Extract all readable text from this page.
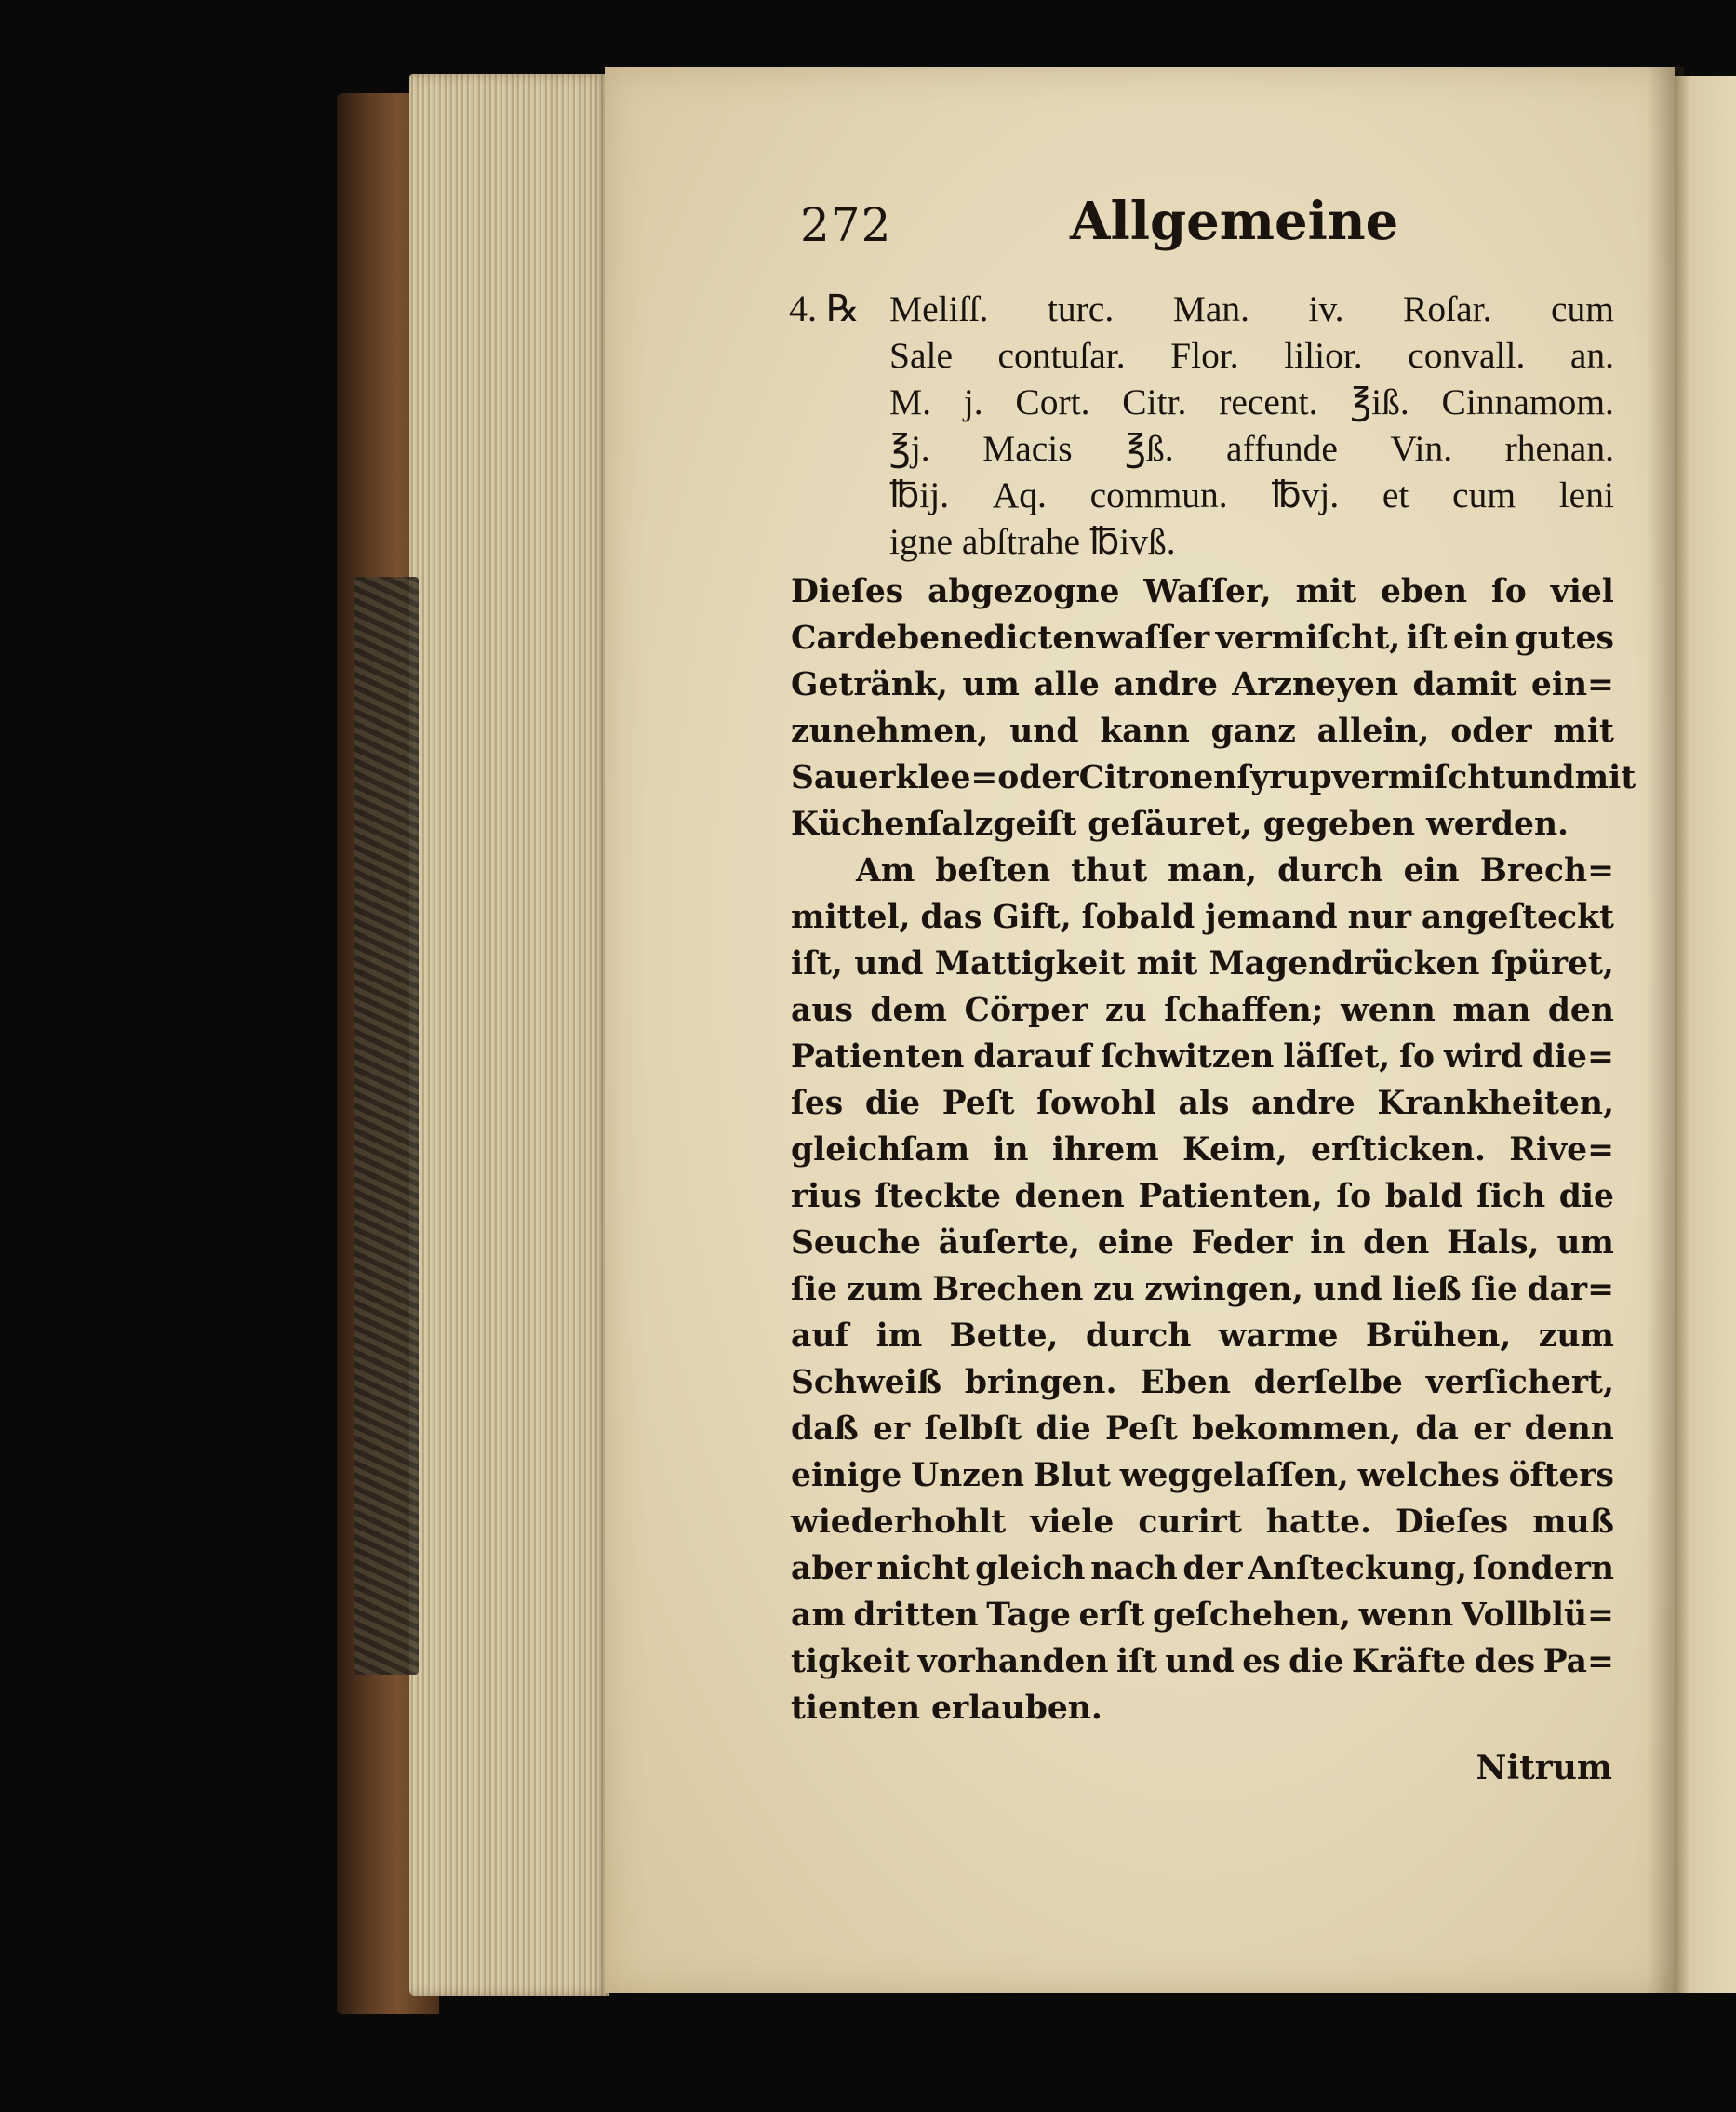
272	Allgemeine
4. ℞ Meliſſ. turc. Man. iv. Roſar. cum
Sale contuſar. Flor. lilior. convall. an.
M. j. Cort. Citr. recent. ℥iß. Cinnamom.
℥j. Macis ℥ß. affunde Vin. rhenan.
℔ij. Aq. commun. ℔vj. et cum leni
igne abſtrahe ℔ivß.
Dieſes abgezogne Waſſer, mit eben ſo viel
Cardebenedictenwaſſer vermiſcht, iſt ein gutes
Getränk, um alle andre Arzneyen damit ein=
zunehmen, und kann ganz allein, oder mit
Sauerklee= oder Citronenſyrup vermiſcht und mit
Küchenſalzgeiſt geſäuret, gegeben werden.
Am beſten thut man, durch ein Brech=
mittel, das Gift, ſobald jemand nur angeſteckt
iſt, und Mattigkeit mit Magendrücken ſpüret,
aus dem Cörper zu ſchaffen; wenn man den
Patienten darauf ſchwitzen läſſet, ſo wird die=
ſes die Peſt ſowohl als andre Krankheiten,
gleichſam in ihrem Keim, erſticken. Rive=
rius ſteckte denen Patienten, ſo bald ſich die
Seuche äuſerte, eine Feder in den Hals, um
ſie zum Brechen zu zwingen, und ließ ſie dar=
auf im Bette, durch warme Brühen, zum
Schweiß bringen. Eben derſelbe verſichert,
daß er ſelbſt die Peſt bekommen, da er denn
einige Unzen Blut weggelaſſen, welches öfters
wiederhohlt viele curirt hatte. Dieſes muß
aber nicht gleich nach der Anſteckung, ſondern
am dritten Tage erſt geſchehen, wenn Vollblü=
tigkeit vorhanden iſt und es die Kräfte des Pa=
tienten erlauben.
Nitrum
